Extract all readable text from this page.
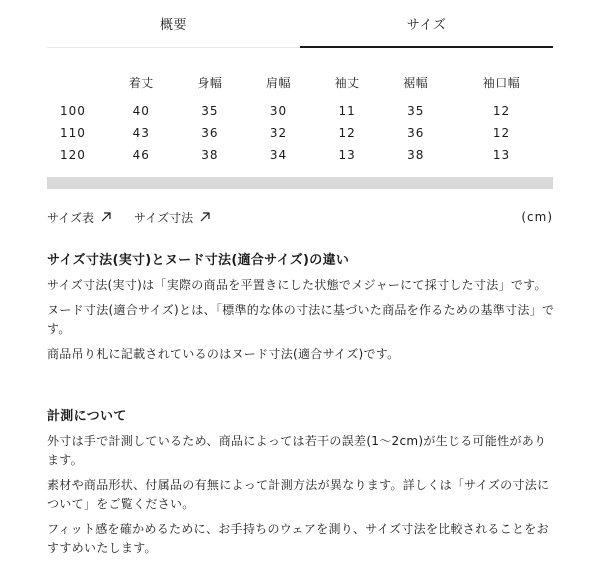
概要	サイズ
	着丈	身幅	肩幅	袖丈	裾幅	袖口幅
100	40	35	30	11	35	12
110	43	36	32	12	36	12
120	46	38	34	13	38	13
サイズ表	サイズ寸法	(cm)
サイズ寸法(実寸)とヌード寸法(適合サイズ)の違い

サイズ寸法(実寸)は「実際の商品を平置きにした状態でメジャーにて採寸した寸法」です。

ヌード寸法(適合サイズ)とは、「標準的な体の寸法に基づいた商品を作るための基準寸法」です。

商品吊り札に記載されているのはヌード寸法(適合サイズ)です。

計測について

外寸は手で計測しているため、商品によっては若干の誤差(1〜2cm)が生じる可能性があります。

素材や商品形状、付属品の有無によって計測方法が異なります。詳しくは「サイズの寸法について」をご覧ください。

フィット感を確かめるために、お手持ちのウェアを測り、サイズ寸法を比較されることをおすすめいたします。
